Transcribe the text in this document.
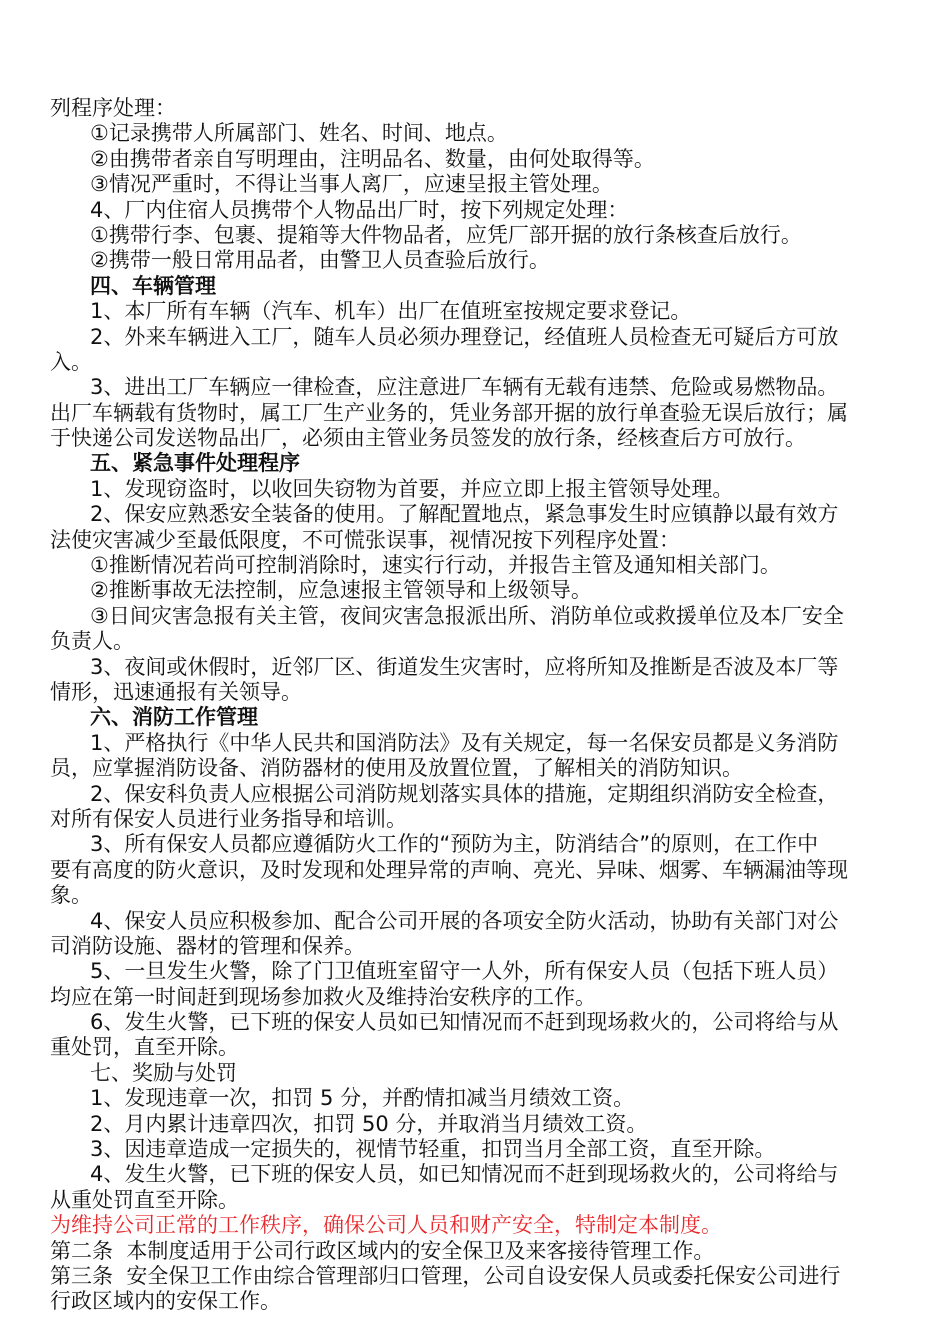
列程序处理：
①记录携带人所属部门、姓名、时间、地点。
②由携带者亲自写明理由，注明品名、数量，由何处取得等。
③情况严重时，不得让当事人离厂，应速呈报主管处理。
4、厂内住宿人员携带个人物品出厂时，按下列规定处理：
①携带行李、包裹、提箱等大件物品者，应凭厂部开据的放行条核查后放行。
②携带一般日常用品者，由警卫人员查验后放行。
四、车辆管理
1、本厂所有车辆（汽车、机车）出厂在值班室按规定要求登记。
2、外来车辆进入工厂，随车人员必须办理登记，经值班人员检查无可疑后方可放
入。
3、进出工厂车辆应一律检查，应注意进厂车辆有无载有违禁、危险或易燃物品。
出厂车辆载有货物时，属工厂生产业务的，凭业务部开据的放行单查验无误后放行；属
于快递公司发送物品出厂，必须由主管业务员签发的放行条，经核查后方可放行。
五、紧急事件处理程序
1、发现窃盗时，以收回失窃物为首要，并应立即上报主管领导处理。
2、保安应熟悉安全装备的使用。了解配置地点，紧急事发生时应镇静以最有效方
法使灾害减少至最低限度，不可慌张误事，视情况按下列程序处置：
①推断情况若尚可控制消除时，速实行行动，并报告主管及通知相关部门。
②推断事故无法控制，应急速报主管领导和上级领导。
③日间灾害急报有关主管，夜间灾害急报派出所、消防单位或救援单位及本厂安全
负责人。
3、夜间或休假时，近邻厂区、街道发生灾害时，应将所知及推断是否波及本厂等
情形，迅速通报有关领导。
六、消防工作管理
1、严格执行《中华人民共和国消防法》及有关规定，每一名保安员都是义务消防
员，应掌握消防设备、消防器材的使用及放置位置，了解相关的消防知识。
2、保安科负责人应根据公司消防规划落实具体的措施，定期组织消防安全检查，
对所有保安人员进行业务指导和培训。
3、所有保安人员都应遵循防火工作的“预防为主，防消结合”的原则，在工作中
要有高度的防火意识，及时发现和处理异常的声响、亮光、异味、烟雾、车辆漏油等现
象。
4、保安人员应积极参加、配合公司开展的各项安全防火活动，协助有关部门对公
司消防设施、器材的管理和保养。
5、一旦发生火警，除了门卫值班室留守一人外，所有保安人员（包括下班人员）
均应在第一时间赶到现场参加救火及维持治安秩序的工作。
6、发生火警，已下班的保安人员如已知情况而不赶到现场救火的，公司将给与从
重处罚，直至开除。
七、奖励与处罚
1、发现违章一次，扣罚 5 分，并酌情扣减当月绩效工资。
2、月内累计违章四次，扣罚 50 分，并取消当月绩效工资。
3、因违章造成一定损失的，视情节轻重，扣罚当月全部工资，直至开除。
4、发生火警，已下班的保安人员，如已知情况而不赶到现场救火的，公司将给与
从重处罚直至开除。
为维持公司正常的工作秩序，确保公司人员和财产安全，特制定本制度。
第二条  本制度适用于公司行政区域内的安全保卫及来客接待管理工作。
第三条  安全保卫工作由综合管理部归口管理，公司自设安保人员或委托保安公司进行
行政区域内的安保工作。
